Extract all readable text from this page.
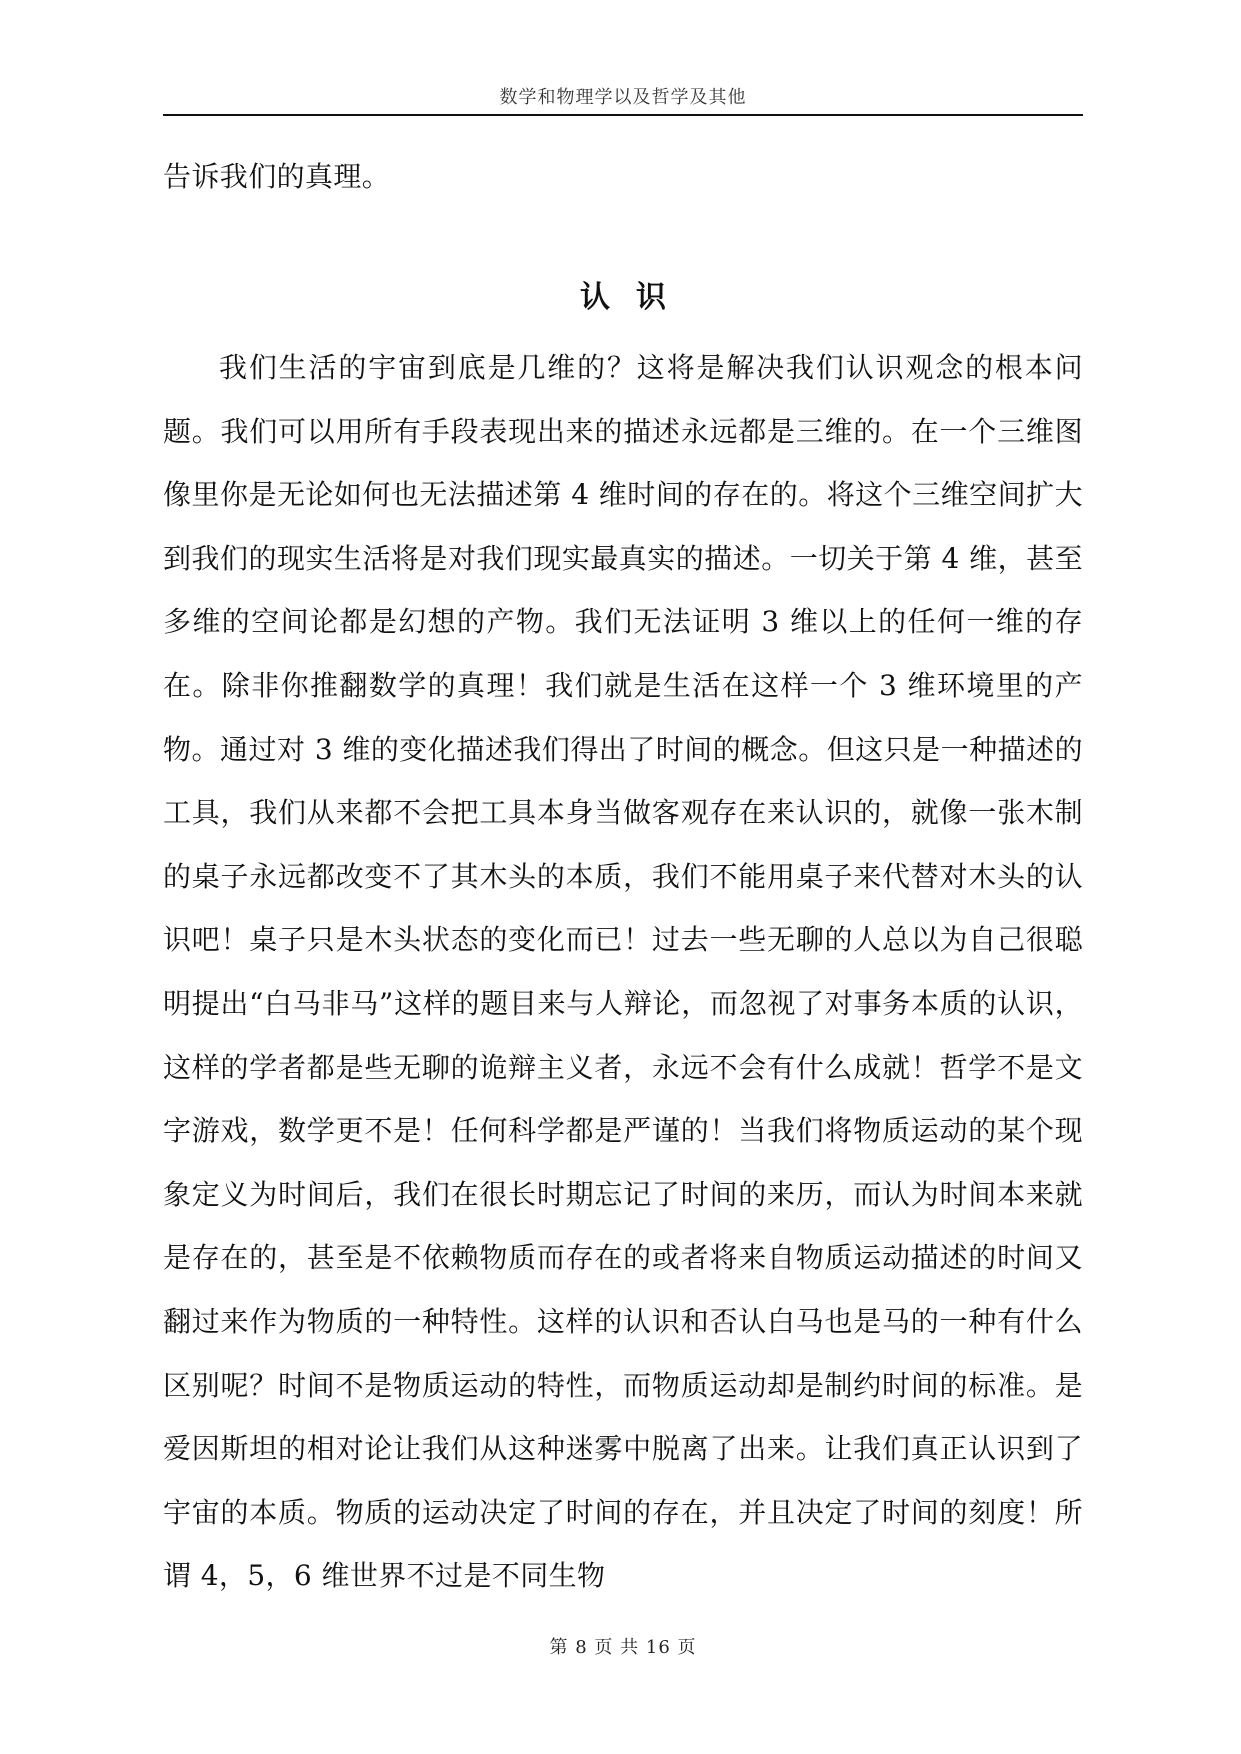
数学和物理学以及哲学及其他
告诉我们的真理。
认识
我们生活的宇宙到底是几维的？这将是解决我们认识观念的根本问题。我们可以用所有手段表现出来的描述永远都是三维的。在一个三维图像里你是无论如何也无法描述第 4 维时间的存在的。将这个三维空间扩大到我们的现实生活将是对我们现实最真实的描述。一切关于第 4 维，甚至多维的空间论都是幻想的产物。我们无法证明 3 维以上的任何一维的存在。除非你推翻数学的真理！我们就是生活在这样一个 3 维环境里的产物。通过对 3 维的变化描述我们得出了时间的概念。但这只是一种描述的工具，我们从来都不会把工具本身当做客观存在来认识的，就像一张木制的桌子永远都改变不了其木头的本质，我们不能用桌子来代替对木头的认识吧！桌子只是木头状态的变化而已！过去一些无聊的人总以为自己很聪明提出“白马非马”这样的题目来与人辩论，而忽视了对事务本质的认识，这样的学者都是些无聊的诡辩主义者，永远不会有什么成就！哲学不是文字游戏，数学更不是！任何科学都是严谨的！当我们将物质运动的某个现象定义为时间后，我们在很长时期忘记了时间的来历，而认为时间本来就是存在的，甚至是不依赖物质而存在的或者将来自物质运动描述的时间又翻过来作为物质的一种特性。这样的认识和否认白马也是马的一种有什么区别呢？时间不是物质运动的特性，而物质运动却是制约时间的标准。是爱因斯坦的相对论让我们从这种迷雾中脱离了出来。让我们真正认识到了宇宙的本质。物质的运动决定了时间的存在，并且决定了时间的刻度！所谓 4，5，6 维世界不过是不同生物
第 8 页 共 16 页
